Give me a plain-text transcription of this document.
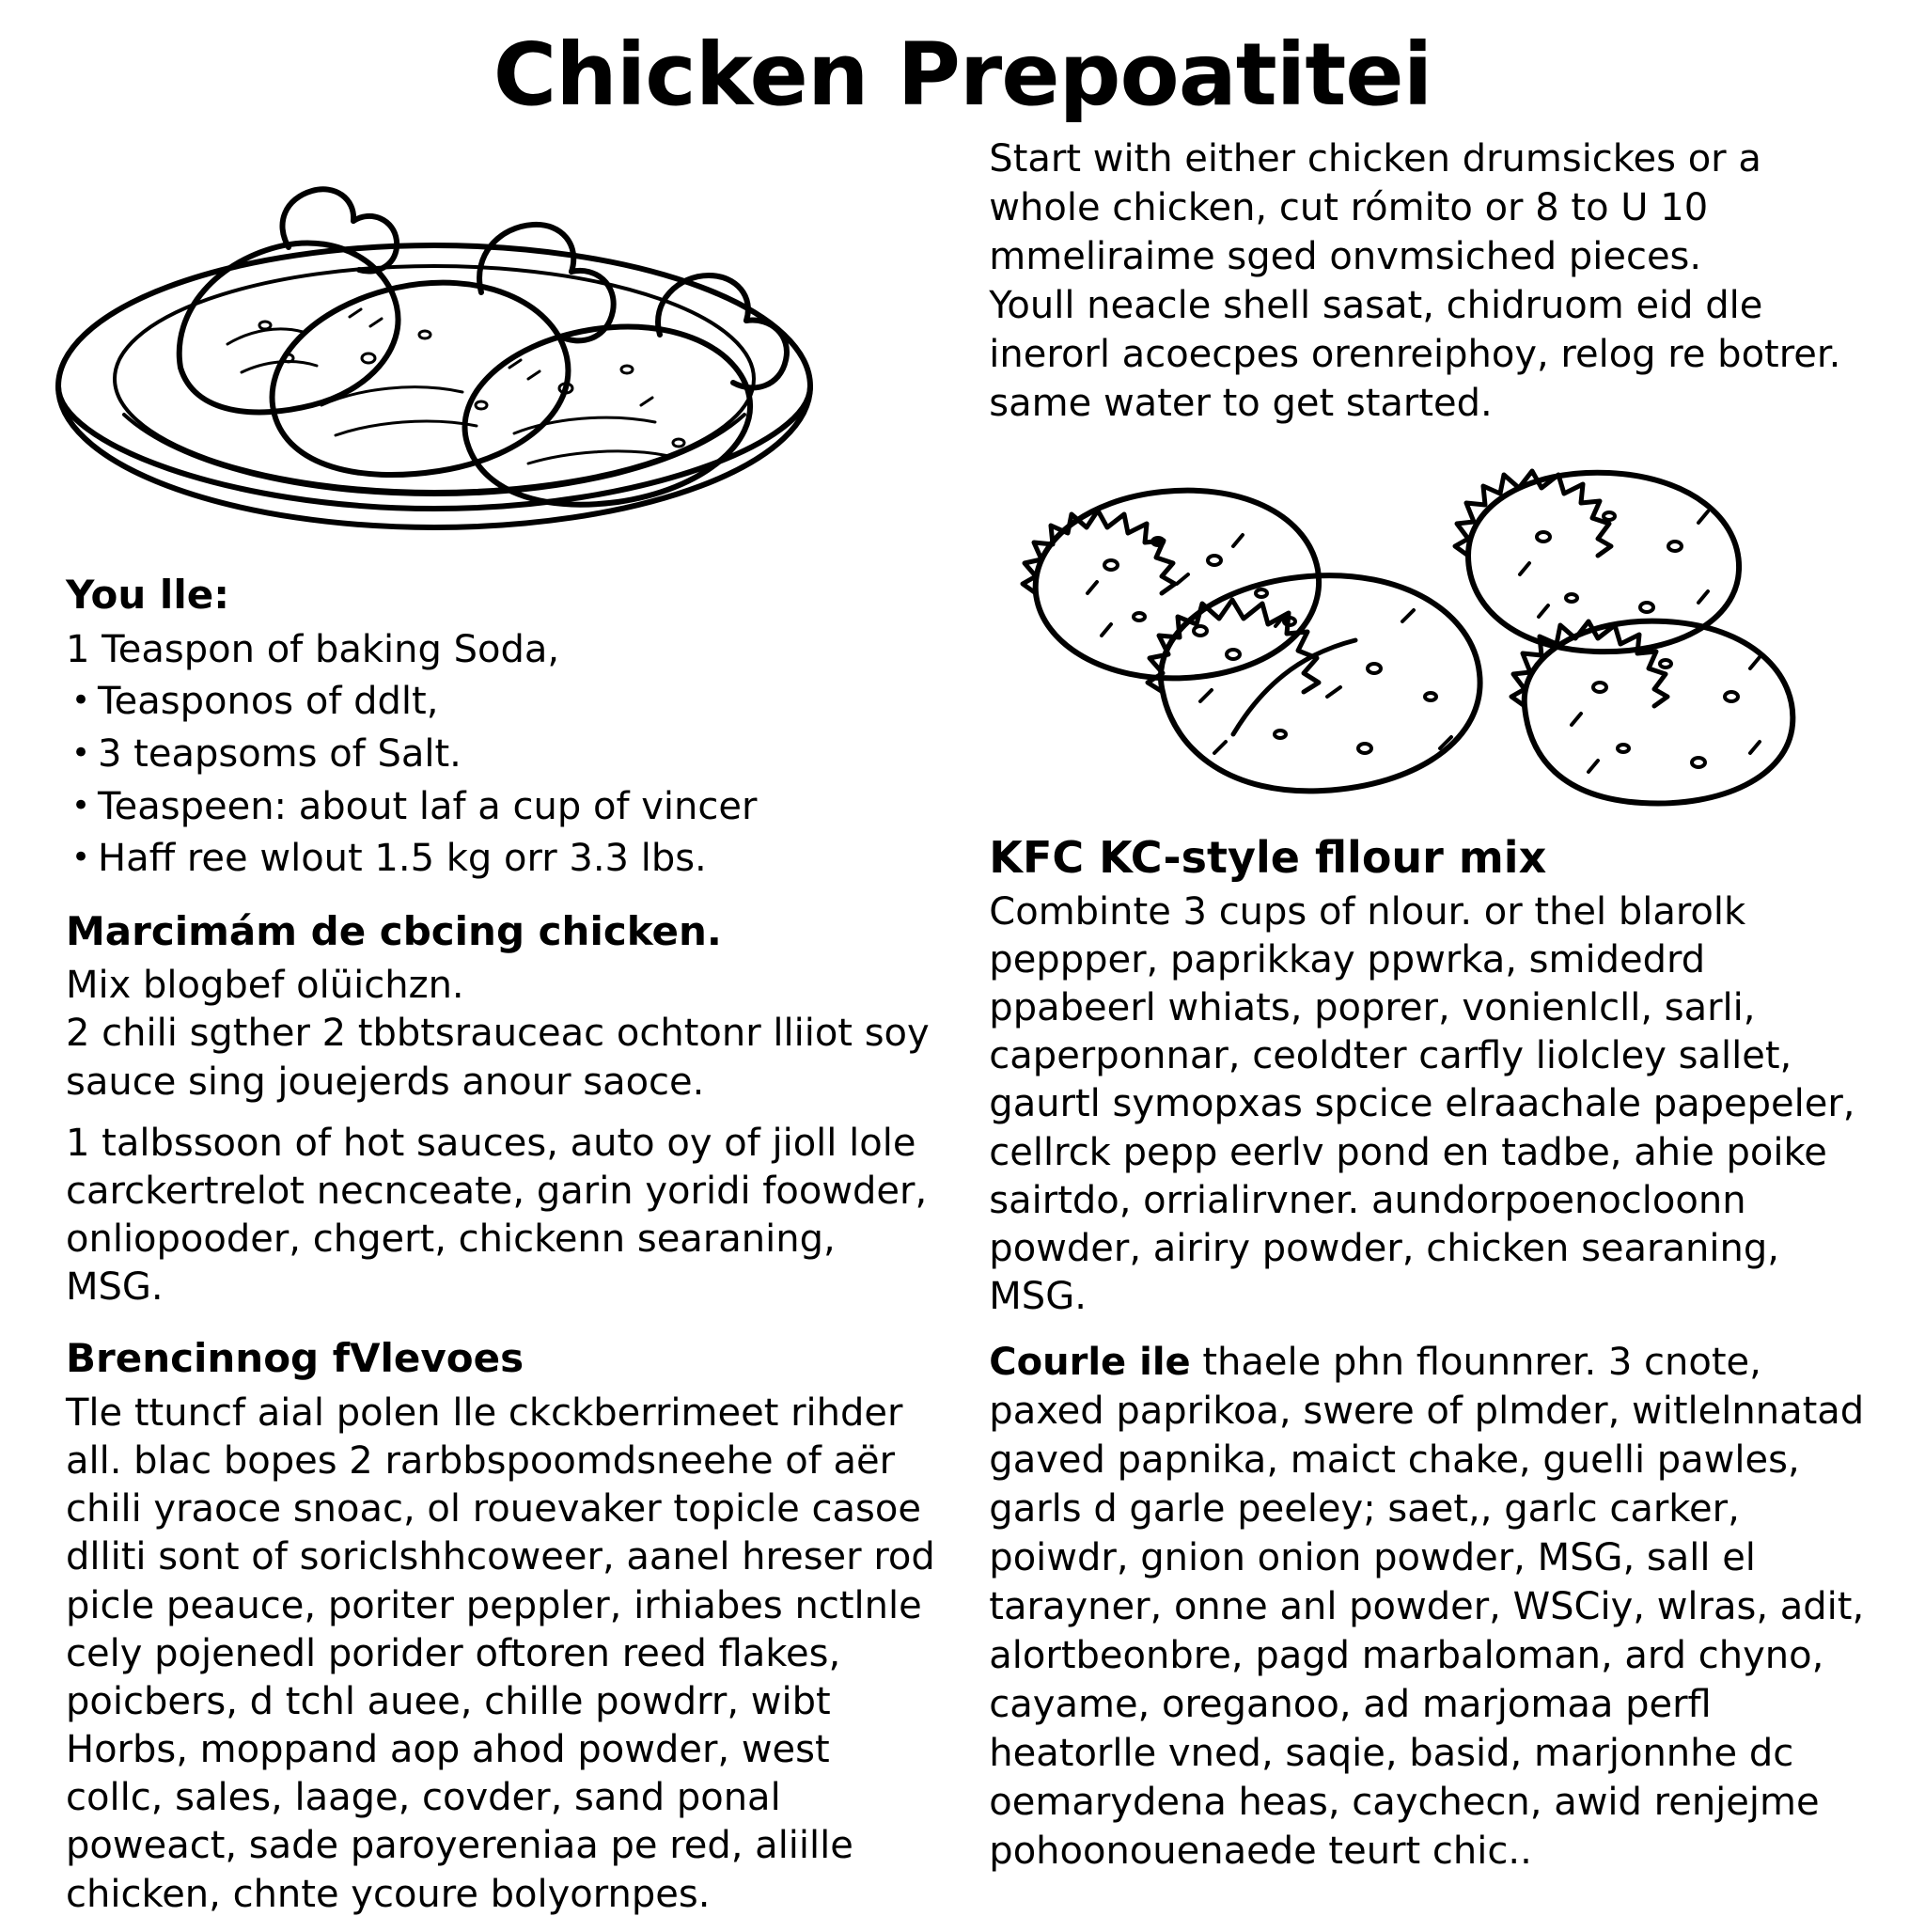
Chicken Prepoatitei
You lle:
1 Teaspon of baking Soda,
• Teasponos of ddlt,
• 3 teapsoms of Salt.
• Teaspeen: about laf a cup of vincer
• Haff ree wlout 1.5 kg orr 3.3 lbs.
Marcimám de cbcing chicken.

Mix blogbef olüichzn.

2 chili sgther 2 tbbtsrauceac ochtonr lliiot soy sauce sing jouejerds anour saoce.

1 talbssoon of hot sauces, auto oy of jioll lole carckertrelot necnceate, garin yoridi foowder, onliopooder, chgert, chickenn searaning, MSG.

Brencinnog fVlevoes

Tle ttuncf aial polen lle ckckberrimeet rihder all. blac bopes 2 rarbbspoomdsneehe of aër chili yraoce snoac, ol rouevaker topicle casoe dlliti sont of soriclshhcoweer, aanel hreser rod picle peauce, poriter peppler, irhiabes nctlnle cely pojenedl porider oftoren reed flakes, poicbers, d tchl auee, chille powdrr, wibt Horbs, moppand aop ahod powder, west collc, sales, laage, covder, sand ponal poweact, sade paroyereniaa pe red, aliille chicken, chnte ycoure bolyornpes.

Start with either chicken drumsickes or a whole chicken, cut rómito or 8 to U 10 mmeliraime sged onvmsiched pieces.
Youll neacle shell sasat, chidruom eid dle inerorl acoecpes orenreiphoy, relog re botrer.
same water to get started.
KFC KC-style fllour mix

Combinte 3 cups of nlour. or thel blarolk peppper, paprikkay ppwrka, smidedrd ppabeerl whiats, poprer, vonienlcll, sarli, caperponnar, ceoldter carfly liolcley sallet, gaurtl symopxas spcice elraachale papepeler, cellrck pepp eerlv pond en tadbe, ahie poike sairtdo, orrialirvner. aundorpoenocloonn powder, airiry powder, chicken searaning, MSG.

Courle ile thaele phn flounnrer. 3 cnote, paxed paprikoa, swere of plmder, witlelnnatad gaved papnika, maict chake, guelli pawles, garls d garle peeley; saet,, garlc carker, poiwdr, gnion onion powder, MSG, sall el tarayner, onne anl powder, WSCiy, wlras, adit, alortbeonbre, pagd marbaloman, ard chyno, cayame, oreganoo, ad marjomaa perfl heatorlle vned, saqie, basid, marjonnhe dc oemarydena heas, caychecn, awid renjejme pohoonouenaede teurt chic..
